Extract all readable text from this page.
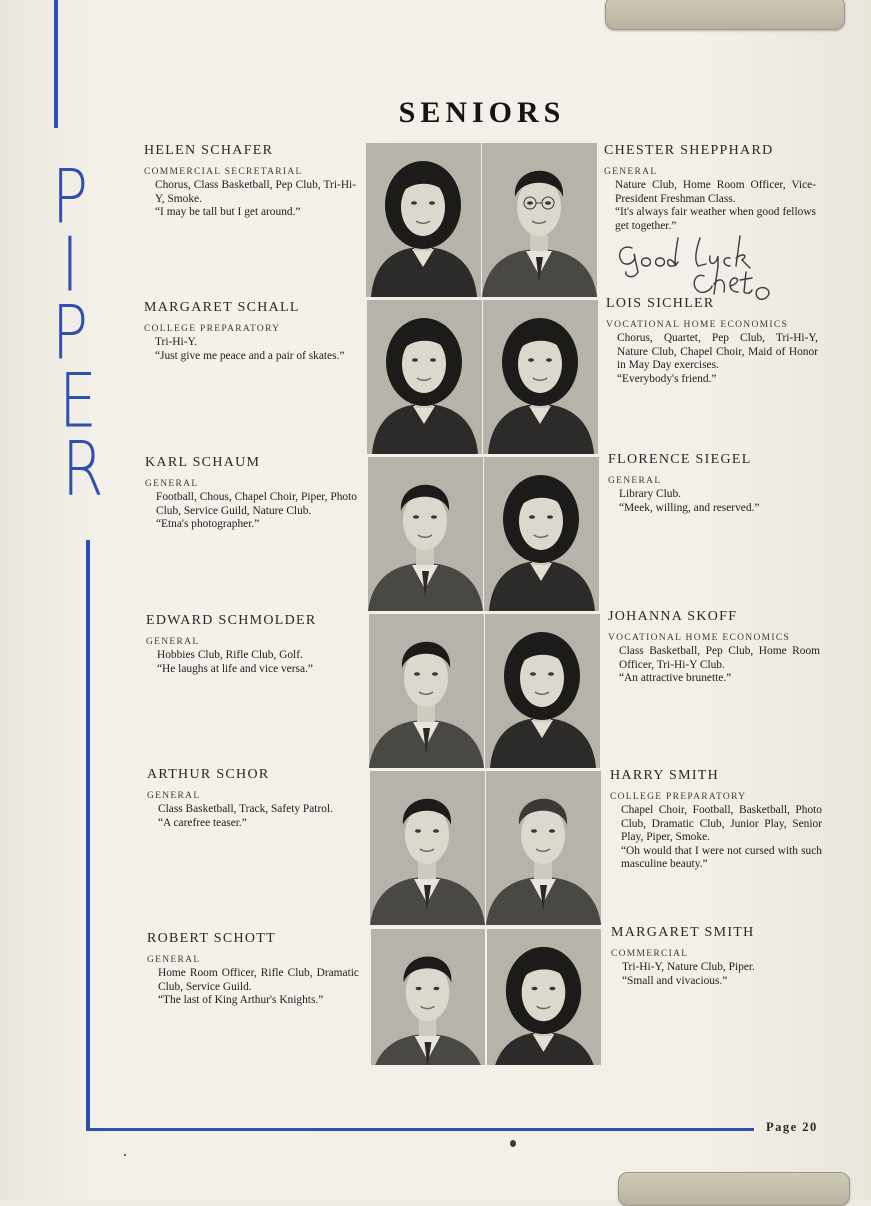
P
I
P
E
R
SENIORS
HELEN SCHAFER
COMMERCIAL SECRETARIAL
Chorus, Class Basketball, Pep Club, Tri-Hi-Y, Smoke.
“I may be tall but I get around.”
MARGARET SCHALL
COLLEGE PREPARATORY
Tri-Hi-Y.
“Just give me peace and a pair of skates.”
KARL SCHAUM
GENERAL
Football, Chous, Chapel Choir, Piper, Photo Club, Service Guild, Nature Club.
“Etna's photographer.”
EDWARD SCHMOLDER
GENERAL
Hobbies Club, Rifle Club, Golf.
“He laughs at life and vice versa.”
ARTHUR SCHOR
GENERAL
Class Basketball, Track, Safety Patrol.
“A carefree teaser.”
ROBERT SCHOTT
GENERAL
Home Room Officer, Rifle Club, Dramatic Club, Service Guild.
“The last of King Arthur's Knights.”
CHESTER SHEPPHARD
GENERAL
Nature Club, Home Room Officer, Vice-President Freshman Class.
“It's always fair weather when good fellows get together.”
LOIS SICHLER
VOCATIONAL HOME ECONOMICS
Chorus, Quartet, Pep Club, Tri-Hi-Y, Nature Club, Chapel Choir, Maid of Honor in May Day exercises.
“Everybody's friend.”
FLORENCE SIEGEL
GENERAL
Library Club.
“Meek, willing, and reserved.”
JOHANNA SKOFF
VOCATIONAL HOME ECONOMICS
Class Basketball, Pep Club, Home Room Officer, Tri-Hi-Y Club.
“An attractive brunette.”
HARRY SMITH
COLLEGE PREPARATORY
Chapel Choir, Football, Basketball, Photo Club, Dramatic Club, Junior Play, Senior Play, Piper, Smoke.
“Oh would that I were not cursed with such masculine beauty.”
MARGARET SMITH
COMMERCIAL
Tri-Hi-Y, Nature Club, Piper.
“Small and vivacious.”
Page 20
